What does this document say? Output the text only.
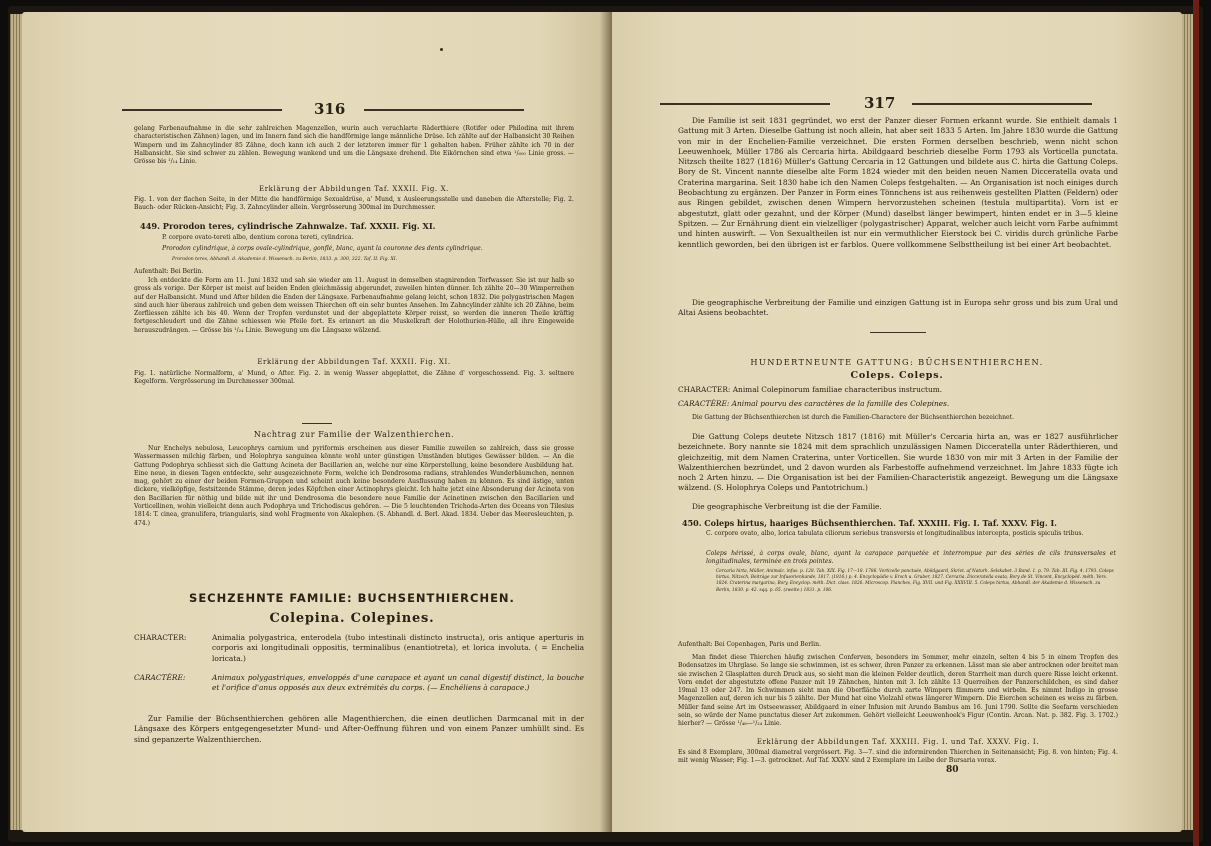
316

gelang Farbenaufnahme in die sehr zahlreichen Magenzellen, wurin auch veruchlarte Räderthiere (Rotifer oder Philodina mit ihrem characteristischen Zähnen) lagen, und im Innern fand sich die handförmige lange männliche Drüse. Ich zählte auf der Halbansicht 30 Reihen Wimpern und im Zahncylinder 85 Zähne, doch kann ich auch 2 der letzteren immer für 1 gehalten haben. Früher zählte ich 70 in der Halbansicht. Sie sind schwer zu zählen. Bewegung wankend und um die Längsaxe drehend. Die Eikörnchen sind etwa ¹/₆₀₀ Linie gross. — Grösse bis ¹/₁₄ Linie.

Erklärung der Abbildungen Taf. XXXII. Fig. X.

Fig. 1. von der flachen Seite, in der Mitte die handförmige Sexualdrüse, a' Mund, x Ausleerungsstelle und daneben die Afterstelle; Fig. 2. Bauch- oder Rücken-Ansicht; Fig. 3. Zahncylinder allein. Vergrösserung 300mal im Durchmesser.

449. Prorodon teres, cylindrische Zahnwalze. Taf. XXXII. Fig. XI.

P. corpore ovato-tereti albo, dentium corona tereti, cylindrica.

Prorodon cylindrique, à corps ovale-cylindrique, gonflé, blanc, ayant la couronne des dents cylindrique.

Prorodon teres, Abhandl. d. Akademie d. Wissensch. zu Berlin, 1833. p. 300, 322. Taf. II. Fig. XI.

Aufenthalt: Bei Berlin.

Ich entdeckte die Form am 11. Juni 1832 und sah sie wieder am 11. August in demselben stagnirenden Torfwasser. Sie ist nur halb so gross als vorige. Der Körper ist meist auf beiden Enden gleichmässig abgerundet, zuweilen hinten dünner. Ich zählte 20—30 Wimperreihen auf der Halbansicht. Mund und After bilden die Enden der Längsaxe. Farbenaufnahme gelang leicht, schon 1832. Die polygastrischen Magen sind auch hier überaus zahlreich und geben dem weissen Thierchen oft ein sehr buntes Ansehen. Im Zahncylinder zählte ich 20 Zähne, beim Zerfliessen zählte ich bis 40. Wenn der Tropfen verdunstet und der abgeplattete Körper reisst, so werden die inneren Theile kräftig fortgeschleudert und die Zähne schiessen wie Pfeile fort. Es erinnert an die Muskelkraft der Holothurien-Hülle, all ihre Eingeweide herauszudrängen. — Grösse bis ¹/₂₄ Linie. Bewegung um die Längsaxe wälzend.

Erklärung der Abbildungen Taf. XXXII. Fig. XI.

Fig. 1. natürliche Normalform, a' Mund, o After. Fig. 2. in wenig Wasser abgeplattet, die Zähne d' vorgeschossend. Fig. 3. seltnere Kegelform. Vergrösserung im Durchmesser 300mal.

Nachtrag zur Familie der Walzenthierchen.

Nur Enchelys nebulosa, Leucophrys carnium und pyriformis erscheinen aus dieser Familie zuweilen so zahlreich, dass sie grosse Wassermassen milchig färben, und Holophrya sanguinea könnte wohl unter günstigen Umständen blutiges Gewässer bilden. — An die Gattung Podophrya schliesst sich die Gattung Acineta der Bacillarien an, welche nur eine Körperstellung, keine besondere Ausbildung hat. Eine neue, in diesen Tagen entdeckte, sehr ausgezeichnete Form, welche ich Dendrosoma radians, strahlendes Wunderbäumchen, nennen mag, gehört zu einer der beiden Formen-Gruppen und scheint auch keine besondere Ausflussung haben zu können. Es sind ästige, unten dickere, vielköpfige, festsitzende Stämme, deren jedes Köpfchen einer Actinophrys gleicht. Ich halte jetzt eine Absonderung der Acineta von den Bacillarien für nöthig und bilde mit ihr und Dendrosoma die besondere neue Familie der Acinetinen zwischen den Bacillarien und Vorticellinen, wohin vielleicht denn auch Podophrya und Trichodiscus gehören. — Die 5 leuchtenden Trichoda-Arten des Oceans von Tilesius 1814: T. cinea, granulifera, triangularis, sind wohl Fragmente von Akalephen. (S. Abhandl. d. Berl. Akad. 1834. Ueber das Meeresleuchten, p. 474.)

SECHZEHNTE FAMILIE: BUCHSENTHIERCHEN.

Colepina. Colepines.

CHARACTER:	Animalia polygastrica, enterodela (tubo intestinali distincto instructa), oris antique aperturis in corporis axi longitudinali oppositis, terminalibus (enantiotreta), et lorica involuta. ( = Enchelia loricata.)

CARACTÈRE:	Animaux polygastriques, enveloppés d'une carapace et ayant un canal digestif distinct, la bouche et l'orifice d'anus opposés aux deux extrémités du corps. (— Enchéliens à carapace.)

Zur Familie der Büchsenthierchen gehören alle Magenthierchen, die einen deutlichen Darmcanal mit in der Längsaxe des Körpers entgegengesetzter Mund- und After-Oeffnung führen und von einem Panzer umhüllt sind. Es sind gepanzerte Walzenthierchen.

317

Die Familie ist seit 1831 gegründet, wo erst der Panzer dieser Formen erkannt wurde. Sie enthielt damals 1 Gattung mit 3 Arten. Dieselbe Gattung ist noch allein, hat aber seit 1833 5 Arten. Im Jahre 1830 wurde die Gattung von mir in der Enchelien-Familie verzeichnet. Die ersten Formen derselben beschrieb, wenn nicht schon Leeuwenhoek, Müller 1786 als Cercaria hirta. Abildgaard beschrieb dieselbe Form 1793 als Vorticella punctata. Nitzsch theilte 1827 (1816) Müller's Gattung Cercaria in 12 Gattungen und bildete aus C. hirta die Gattung Coleps. Bory de St. Vincent nannte dieselbe alte Form 1824 wieder mit den beiden neuen Namen Dicceratella ovata und Craterina margarina. Seit 1830 habe ich den Namen Coleps festgehalten. — An Organisation ist noch einiges durch Beobachtung zu ergänzen. Der Panzer in Form eines Tönnchens ist aus reihenweis gestellten Platten (Feldern) oder aus Ringen gebildet, zwischen denen Wimpern hervorzustehen scheinen (testula multipartita). Vorn ist er abgestutzt, glatt oder gezahnt, und der Körper (Mund) daselbst länger bewimpert, hinten endet er in 3—5 kleine Spitzen. — Zur Ernährung dient ein vielzelliger (polygastrischer) Apparat, welcher auch leicht vorn Farbe aufnimmt und hinten auswirft. — Von Sexualtheilen ist nur ein vermuthlicher Eierstock bei C. viridis durch grünliche Farbe kenntlich geworden, bei den übrigen ist er farblos. Quere vollkommene Selbsttheilung ist bei einer Art beobachtet.

Die geographische Verbreitung der Familie und einzigen Gattung ist in Europa sehr gross und bis zum Ural und Altai Asiens beobachtet.

HUNDERTNEUNTE GATTUNG: BÜCHSENTHIERCHEN.

Coleps. Coleps.

CHARACTER: Animal Colepinorum familiae characteribus instructum.

CARACTÈRE: Animal pourvu des caractères de la famille des Colepines.

Die Gattung der Büchsenthierchen ist durch die Familien-Charactere der Büchsenthierchen bezeichnet.

Die Gattung Coleps deutete Nitzsch 1817 (1816) mit Müller's Cercaria hirta an, was er 1827 ausführlicher bezeichnete. Bory nannte sie 1824 mit dem sprachlich unzulässigen Namen Dicceratella unter Räderthieren, und gleichzeitig, mit dem Namen Craterina, unter Vorticellen. Sie wurde 1830 von mir mit 3 Arten in der Familie der Walzenthierchen bezründet, und 2 davon wurden als Farbestoffe aufnehmend verzeichnet. Im Jahre 1833 fügte ich noch 2 Arten hinzu. — Die Organisation ist bei der Familien-Characteristik angezeigt. Bewegung um die Längsaxe wälzend. (S. Holophrya Coleps und Pantotrichum.)

Die geographische Verbreitung ist die der Familie.

450. Coleps hirtus, haariges Büchsenthierchen. Taf. XXXIII. Fig. I. Taf. XXXV. Fig. I.

C. corpore ovato, albo, lorica tabulata ciliorum seriebus transversis et longitudinalibus intercepta, posticis spiculis tribus.

Coleps hérissé, à corps ovale, blanc, ayant la carapace parquetée et interrompue par des séries de cils transversales et longitudinales, terminée en trois pointes.

Cercaria hirta, Müller, Animalc. infus. p. 128. Tab. XIX. Fig. 17—18. 1786. Vorticelle ponctuée, Abildgaard, Skrivt. af Naturh. Selskabet. 3 Band. 1. p. 79. Tab. III. Fig. 4. 1793. Coleps hirtus, Nitzsch, Beiträge zur Infusorienkunde, 1817. (1816.) p. 4. Encyclopädie v. Ersch u. Gruber, 1827. Cercaria. Dicceratella ovata, Bory de St. Vincent, Encyclopéd. méth. Vers. 1824. Craterina margarina, Bory, Encyclop. méth. Dict. class. 1826. Microscop. Planches, Fig. XVII. und Fig. XXXVIII. 5. Coleps hirtus, Abhandl. der Akademie d. Wissensch. zu Berlin, 1830. p. 42. sqq. p. 65. (zweite.) 1831. p. 106.

Aufenthalt: Bei Copenhagen, Paris und Berlin.

Man findet diese Thierchen häufig zwischen Conferven, besonders im Sommer, mehr einzeln, selten 4 bis 5 in einem Tropfen des Bodensatzes im Uhrglase. So lange sie schwimmen, ist es schwer, ihren Panzer zu erkennen. Lässt man sie aber antrocknen oder breitet man sie zwischen 2 Glasplatten durch Druck aus, so sieht man die kleinen Felder deutlich, deren Starrheit man durch quere Risse leicht erkennt. Vorn endet der abgestutzte offene Panzer mit 19 Zähnchen, hinten mit 3. Ich zählte 13 Querreihen der Panzerschildchen, es sind daher 19mal 13 oder 247. Im Schwimmen sieht man die Oberfläche durch zarte Wimpern flimmern und wirbeln. Es nimmt Indigo in grosse Magenzellen auf, deren ich nur bis 5 zählte. Der Mund hat eine Vielzahl etwas längerer Wimpern. Die Eierchen scheinen es weiss zu färben. Müller fand seine Art im Ostseewasser, Abildgaard in einer Infusion mit Arundo Bambus am 16. Juni 1790. Sollte die Seefarm verschieden sein, so würde der Name punctatus dieser Art zukommen. Gehört vielleicht Leeuwenhoek's Figur (Contin. Arcan. Nat. p. 382. Fig. 3. 1702.) hierher? — Grösse ¹/₄₈—¹/₂₄ Linie.

Erklärung der Abbildungen Taf. XXXIII. Fig. I. und Taf. XXXV. Fig. I.

Es sind 8 Exemplare, 300mal diametral vergrössert. Fig. 3—7. sind die informirenden Thierchen in Seitenansicht; Fig. 8. von hinten; Fig. 4. mit wenig Wasser; Fig. 1—3. getrocknet. Auf Taf. XXXV. sind 2 Exemplare im Leibe der Bursaria vorax.

80
